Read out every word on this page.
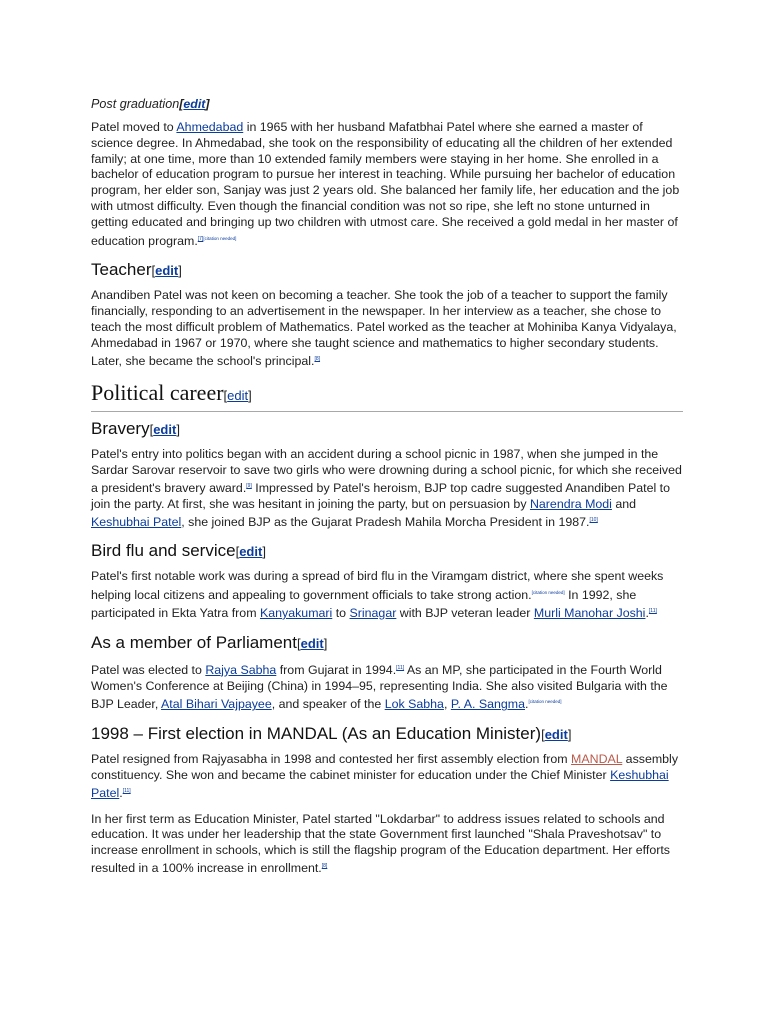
Post graduation[edit]

Patel moved to Ahmedabad in 1965 with her husband Mafatbhai Patel where she earned a master of science degree. In Ahmedabad, she took on the responsibility of educating all the children of her extended family; at one time, more than 10 extended family members were staying in her home. She enrolled in a bachelor of education program to pursue her interest in teaching. While pursuing her bachelor of education program, her elder son, Sanjay was just 2 years old. She balanced her family life, her education and the job with utmost difficulty. Even though the financial condition was not so ripe, she left no stone unturned in getting educated and bringing up two children with utmost care. She received a gold medal in her master of education program.[7][citation needed]

Teacher[edit]

Anandiben Patel was not keen on becoming a teacher. She took the job of a teacher to support the family financially, responding to an advertisement in the newspaper. In her interview as a teacher, she chose to teach the most difficult problem of Mathematics. Patel worked as the teacher at Mohiniba Kanya Vidyalaya, Ahmedabad in 1967 or 1970, where she taught science and mathematics to higher secondary students. Later, she became the school's principal.[8]

Political career[edit]
Bravery[edit]

Patel's entry into politics began with an accident during a school picnic in 1987, when she jumped in the Sardar Sarovar reservoir to save two girls who were drowning during a school picnic, for which she received a president's bravery award.[9] Impressed by Patel's heroism, BJP top cadre suggested Anandiben Patel to join the party. At first, she was hesitant in joining the party, but on persuasion by Narendra Modi and Keshubhai Patel, she joined BJP as the Gujarat Pradesh Mahila Morcha President in 1987.[10]

Bird flu and service[edit]

Patel's first notable work was during a spread of bird flu in the Viramgam district, where she spent weeks helping local citizens and appealing to government officials to take strong action.[citation needed] In 1992, she participated in Ekta Yatra from Kanyakumari to Srinagar with BJP veteran leader Murli Manohar Joshi.[11]

As a member of Parliament[edit]

Patel was elected to Rajya Sabha from Gujarat in 1994.[11] As an MP, she participated in the Fourth World Women's Conference at Beijing (China) in 1994–95, representing India. She also visited Bulgaria with the BJP Leader, Atal Bihari Vajpayee, and speaker of the Lok Sabha, P. A. Sangma.[citation needed]

1998 – First election in MANDAL (As an Education Minister)[edit]

Patel resigned from Rajyasabha in 1998 and contested her first assembly election from MANDAL assembly constituency. She won and became the cabinet minister for education under the Chief Minister Keshubhai Patel.[11]

In her first term as Education Minister, Patel started "Lokdarbar" to address issues related to schools and education. It was under her leadership that the state Government first launched "Shala Praveshotsav" to increase enrollment in schools, which is still the flagship program of the Education department. Her efforts resulted in a 100% increase in enrollment.[8]
